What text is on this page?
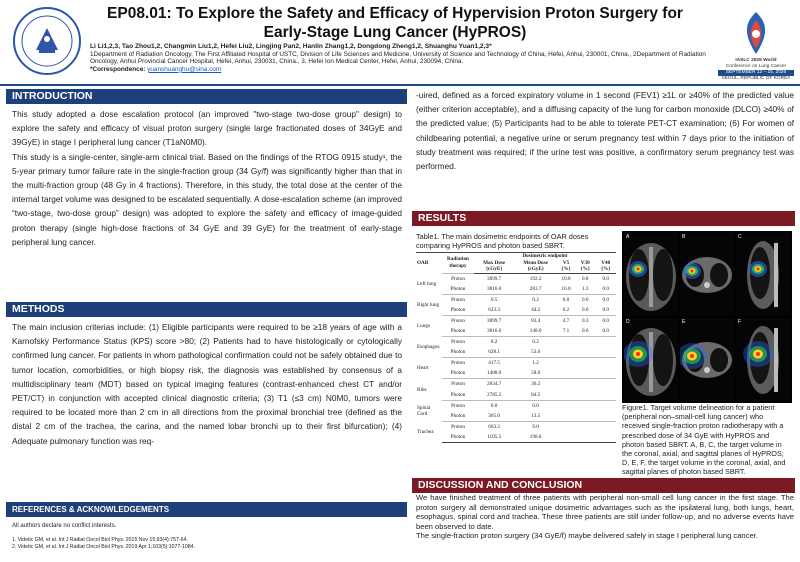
EP08.01: To Explore the Safety and Efficacy of Hypervision Proton Surgery for
Early-Stage Lung Cancer (HyPROS)
Li Li1,2,3, Tao Zhou1,2, Changmin Liu1,2, Hefei Liu2, Lingjing Pan2, Hanlin Zhang1,2, Dongdong Zheng1,2, Shuanghu Yuan1,2,3*
1Department of Radiation Oncology, The First Affiliated Hospital of USTC, Division of Life Sciences and Medicine, University of Science and Technology of China, Hefei, Anhui, 230001, China., 2Department of Radiation Oncology, Anhui Provincial Cancer Hospital, Hefei, Anhui, 230031, China., 3. Hefei Ion Medical Center, Hefei, Anhui, 230094, China.
*Correspondence: yuanshuanghu@sina.com
IASLC 2026 World
Conference on Lung Cancer
SEPTEMBER 12 – 15, 2026
SEOUL, REPUBLIC OF KOREA
INTRODUCTION

This study adopted a dose escalation protocol (an improved "two-stage two-dose group" design) to explore the safety and efficacy of visual proton surgery (single large fractionated doses of 34GyE and 39GyE) in stage I peripheral lung cancer (T1aN0M0).

This study is a single-center, single-arm clinical trial. Based on the findings of the RTOG 0915 study¹, the 5-year primary tumor failure rate in the single-fraction group (34 Gy/f) was significantly higher than that in the multi-fraction group (48 Gy in 4 fractions). Therefore, in this study, the total dose at the center of the internal target volume was designed to be escalated sequentially. A dose-escalation scheme (an improved “two-stage, two-dose group” design) was adopted to explore the safety and efficacy of image-guided proton therapy (single high-dose fractions of 34 GyE and 39 GyE) for the treatment of early-stage peripheral lung cancer.

METHODS
The main inclusion criterias include: (1) Eligible participants were required to be ≥18 years of age with a Karnofsky Performance Status (KPS) score >80; (2) Patients had to have histologically or cytologically confirmed lung cancer. For patients in whom pathological confirmation could not be safely obtained due to tumor location, comorbidities, or high biopsy risk, the diagnosis was established by consensus of a multidisciplinary team (MDT) based on typical imaging features (contrast-enhanced chest CT and/or PET/CT) in conjunction with accepted clinical diagnostic criteria; (3) T1 (≤3 cm) N0M0, tumors were required to be located more than 2 cm in all directions from the proximal bronchial tree (defined as the distal 2 cm of the trachea, the carina, and the named lobar bronchi up to their first bifurcation); (4) Adequate pulmonary function was req-
REFERENCES & ACKNOWLEDGEMENTS
All authors declare no conflict interests.
1. Videtic GM, et al. Int J Radiat Oncol Biol Phys. 2015 Nov 15;93(4):757-64.
2. Videtic GM, et al. Int J Radiat Oncol Biol Phys. 2019 Apr 1;103(5):1077-1084.
-uired, defined as a forced expiratory volume in 1 second (FEV1) ≥1L or ≥40% of the predicted value (either criterion acceptable), and a diffusing capacity of the lung for carbon monoxide (DLCO) ≥40% of the predicted value; (5) Participants had to be able to tolerate PET-CT examination; (6) For women of childbearing potential, a negative urine or serum pregnancy test within 7 days prior to the initiation of study treatment was required; if the urine test was positive, a confirmatory serum pregnancy test was performed.
RESULTS
Table1. The main dosimetric endpoints of OAR doses comparing HyPROS and photon based SBRT.
OAR	Radiation therapy	Dosimetric endpoint				
		Max Dose (cGyE)	Mean Dose (cGyE)	V5 (%)	V30 (%)	V40 (%)
Left lung	Proton	3899.7	192.2	10.8	0.8	0.0
	Photon	3816.0	283.7	16.0	1.3	0.0
Right lung	Proton	0.5	0.2	0.0	0.0	0.0
	Photon	623.3	44.2	0.2	0.0	0.0
Lungs	Proton	3899.7	83.4	4.7	0.3	0.0
	Photon	3816.0	148.0	7.1	0.6	0.0
Esophagus	Proton	8.2	0.2			
	Photon	628.1	53.6			
Heart	Proton	417.5	1.2			
	Photon	1408.0	58.0			
Ribs	Proton	2834.7	36.2			
	Photon	2785.2	84.5			
Spinal Cord	Proton	0.0	0.0			
	Photon	305.0	13.5			
Trachea	Proton	663.2	9.0			
	Photon	1105.5	198.8			
A	B	C
D	E	F
Figure1. Target volume delineation for a patient (peripheral non–small-cell lung cancer) who received single-fraction proton radiotherapy with a prescribed dose of 34 GyE with HyPROS and photon based SBRT. A, B, C, the target volume in the coronal, axial, and sagittal planes of HyPROS; D, E, F, the target volume in the coronal, axial, and sagittal planes of photon based SBRT.
DISCUSSION AND CONCLUSION

We have finished treatment of three patients with peripheral non-small cell lung cancer in the first stage. The proton surgery all demonstrated unique dosimetric advantages such as the ipsilateral lung, both lungs, heart, esophagus, spinal cord and trachea. These three patients are still under follow-up, and no adverse events have been observed to date.

The single-fraction proton surgery (34 GyE/f) maybe delivered safely in stage I peripheral lung cancer.
